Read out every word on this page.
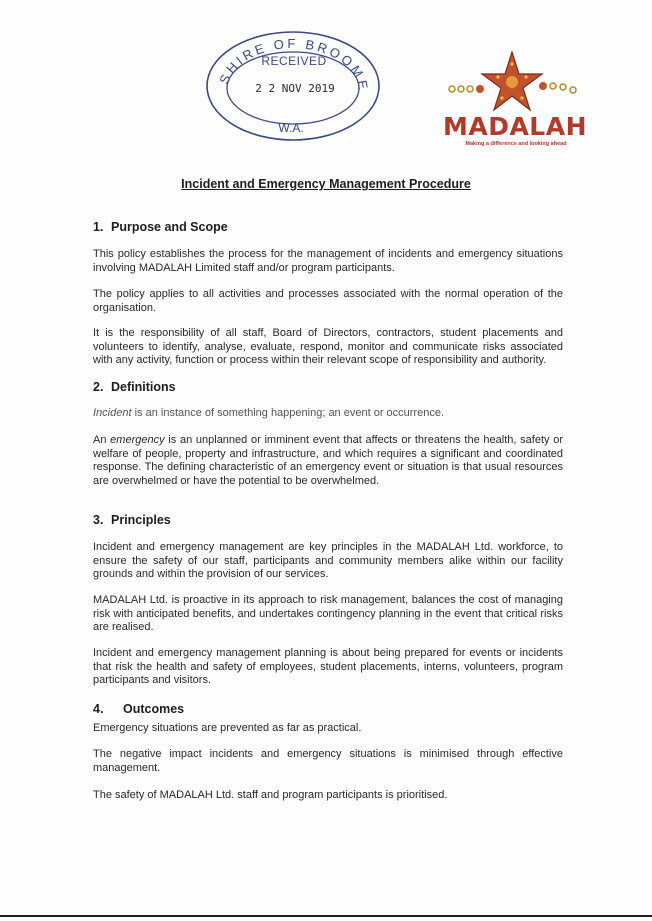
SHIRE OF BROOME
RECEIVED
2 2 NOV 2019
W.A.	MADALAH
Making a difference and looking ahead
Incident and Emergency Management Procedure
1. Purpose and Scope
This policy establishes the process for the management of incidents and emergency situations involving MADALAH Limited staff and/or program participants.
The policy applies to all activities and processes associated with the normal operation of the organisation.
It is the responsibility of all staff, Board of Directors, contractors, student placements and volunteers to identify, analyse, evaluate, respond, monitor and communicate risks associated with any activity, function or process within their relevant scope of responsibility and authority.
2. Definitions
Incident is an instance of something happening; an event or occurrence.
An emergency is an unplanned or imminent event that affects or threatens the health, safety or welfare of people, property and infrastructure, and which requires a significant and coordinated response. The defining characteristic of an emergency event or situation is that usual resources are overwhelmed or have the potential to be overwhelmed.
3. Principles
Incident and emergency management are key principles in the MADALAH Ltd. workforce, to ensure the safety of our staff, participants and community members alike within our facility grounds and within the provision of our services.
MADALAH Ltd. is proactive in its approach to risk management, balances the cost of managing risk with anticipated benefits, and undertakes contingency planning in the event that critical risks are realised.
Incident and emergency management planning is about being prepared for events or incidents that risk the health and safety of employees, student placements, interns, volunteers, program participants and visitors.
4. Outcomes
Emergency situations are prevented as far as practical.
The negative impact incidents and emergency situations is minimised through effective management.
The safety of MADALAH Ltd. staff and program participants is prioritised.
